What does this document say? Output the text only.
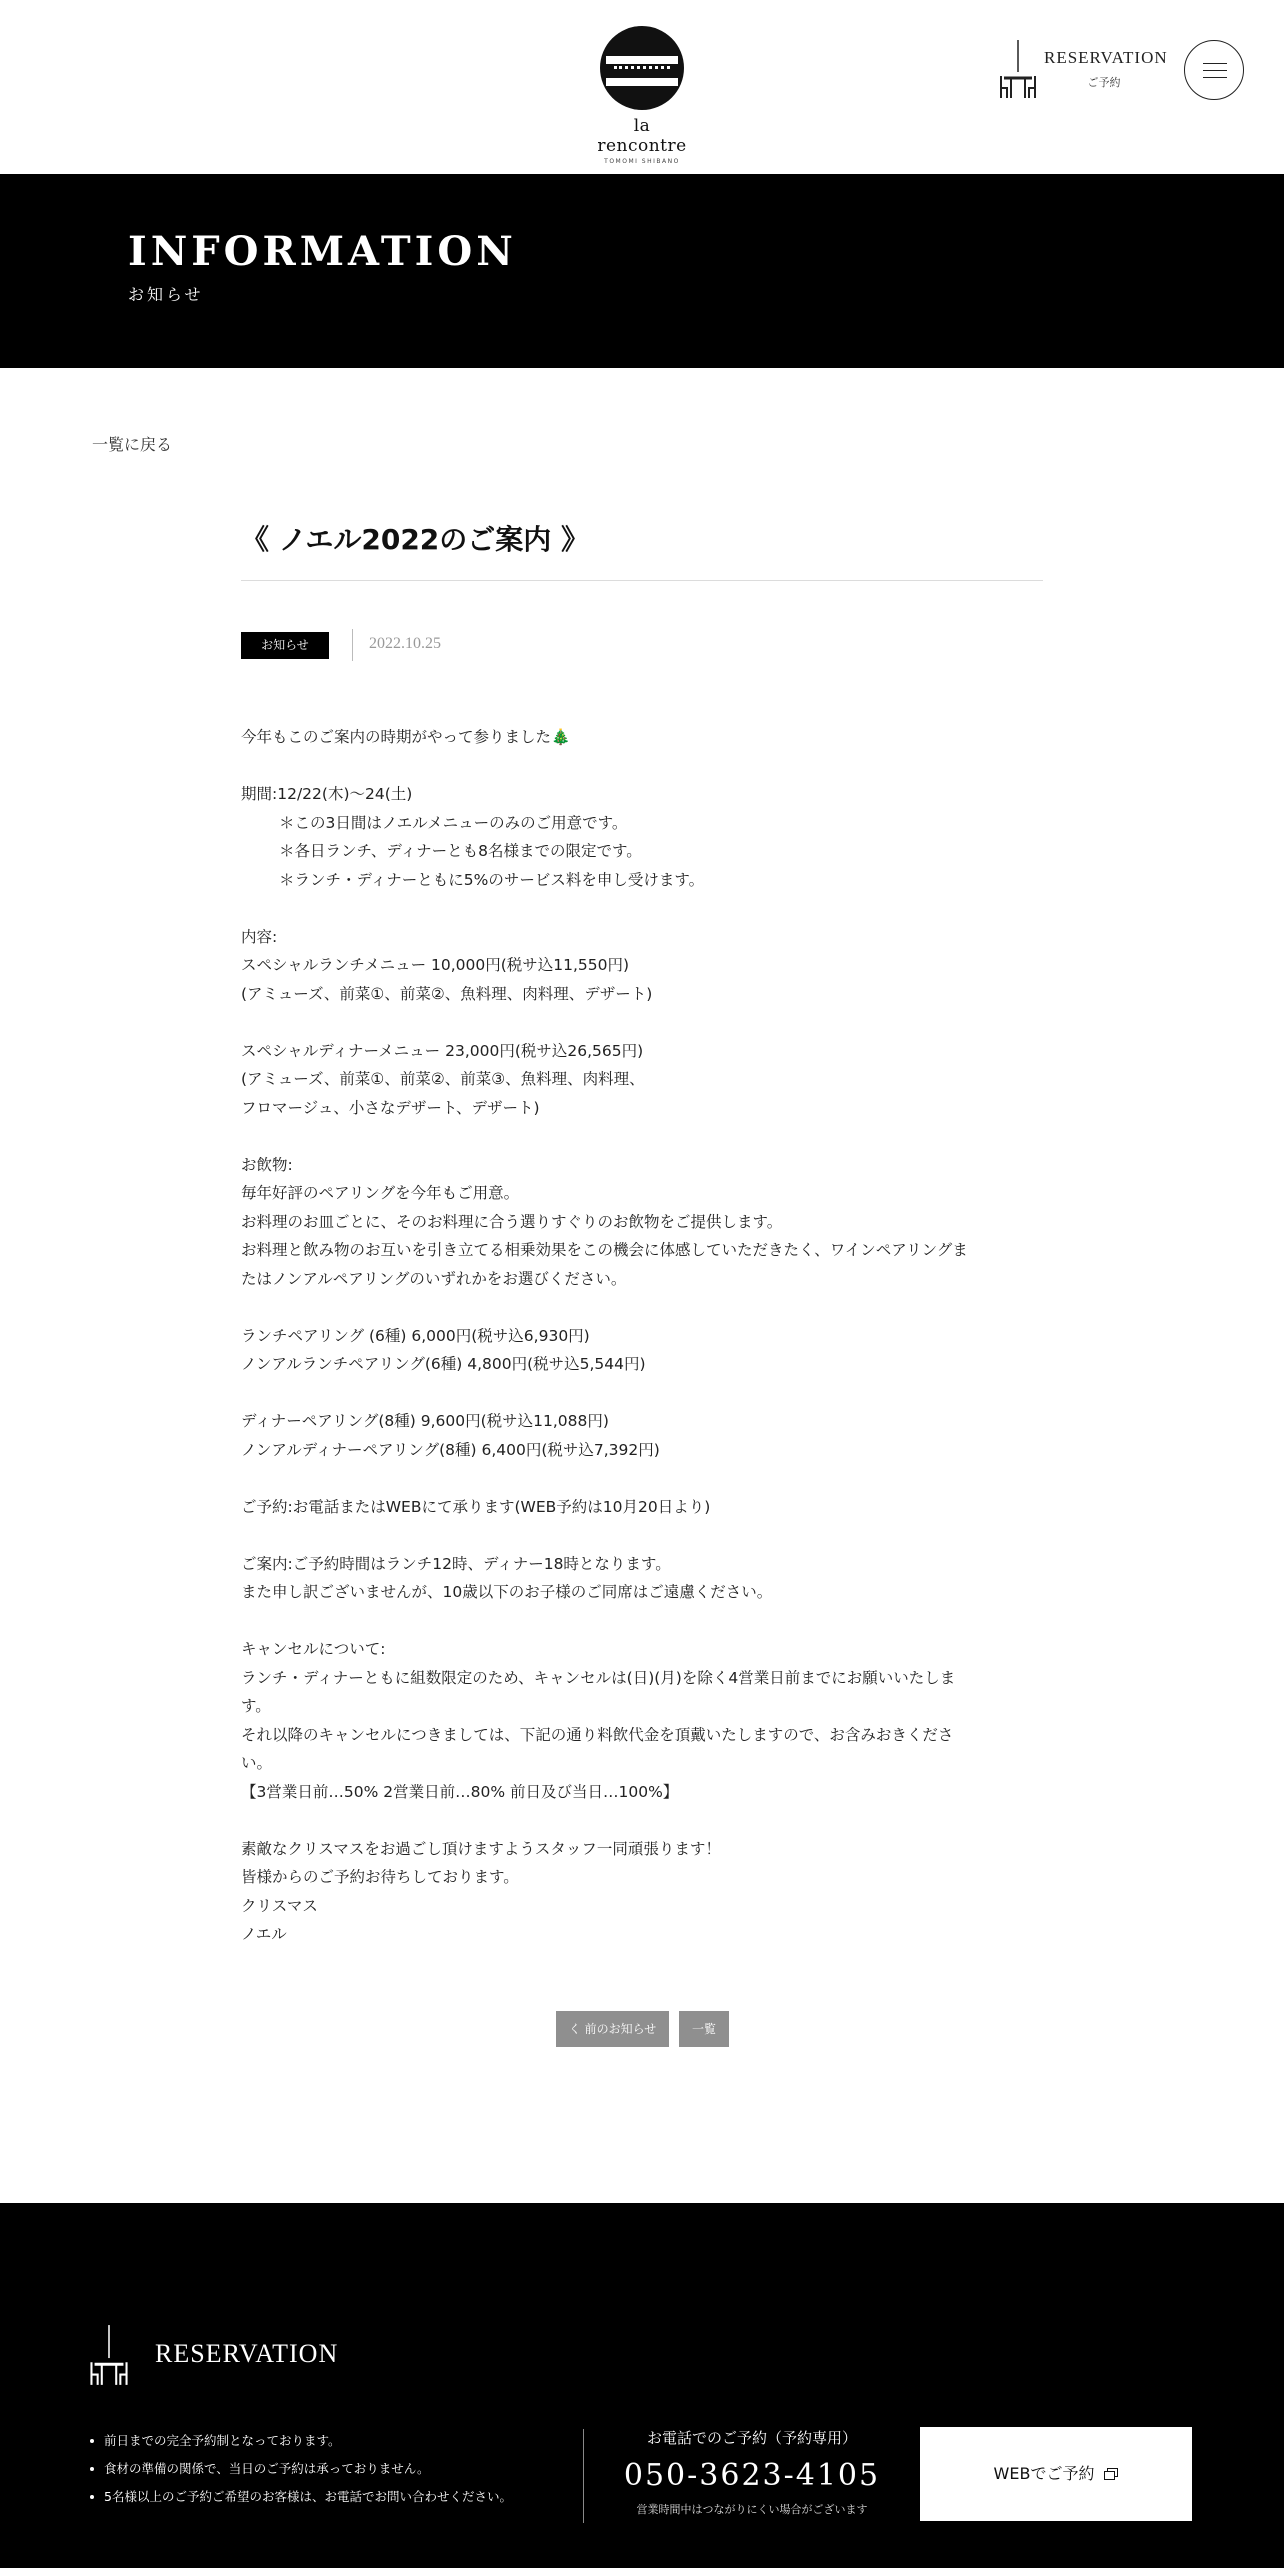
la rencontre
TOMOMI SHIBANO
RESERVATION
ご予約
INFORMATION
お知らせ
一覧に戻る
《 ノエル2022のご案内 》
お知らせ	2022.10.25
今年もこのご案内の時期がやって参りました🎄
期間:12/22(木)〜24(土)
＊この3日間はノエルメニューのみのご用意です。
＊各日ランチ、ディナーとも8名様までの限定です。
＊ランチ・ディナーともに5%のサービス料を申し受けます。
内容:
スペシャルランチメニュー 10,000円(税サ込11,550円)
(アミューズ、前菜①、前菜②、魚料理、肉料理、デザート)
スペシャルディナーメニュー 23,000円(税サ込26,565円)
(アミューズ、前菜①、前菜②、前菜③、魚料理、肉料理、
フロマージュ、小さなデザート、デザート)
お飲物:
毎年好評のペアリングを今年もご用意。
お料理のお皿ごとに、そのお料理に合う選りすぐりのお飲物をご提供します。
お料理と飲み物のお互いを引き立てる相乗効果をこの機会に体感していただきたく、ワインペアリングま
たはノンアルペアリングのいずれかをお選びください。
ランチペアリング (6種) 6,000円(税サ込6,930円)
ノンアルランチペアリング(6種) 4,800円(税サ込5,544円)
ディナーペアリング(8種) 9,600円(税サ込11,088円)
ノンアルディナーペアリング(8種) 6,400円(税サ込7,392円)
ご予約:お電話またはWEBにて承ります(WEB予約は10月20日より)
ご案内:ご予約時間はランチ12時、ディナー18時となります。
また申し訳ございませんが、10歳以下のお子様のご同席はご遠慮ください。
キャンセルについて:
ランチ・ディナーともに組数限定のため、キャンセルは(日)(月)を除く4営業日前までにお願いいたしま
す。
それ以降のキャンセルにつきましては、下記の通り料飲代金を頂戴いたしますので、お含みおきくださ
い。
【3営業日前…50% 2営業日前…80% 前日及び当日…100%】
素敵なクリスマスをお過ごし頂けますようスタッフ一同頑張ります！
皆様からのご予約お待ちしております。
クリスマス
ノエル
く 前のお知らせ	一覧
RESERVATION
前日までの完全予約制となっております。
食材の準備の関係で、当日のご予約は承っておりません。
5名様以上のご予約ご希望のお客様は、お電話でお問い合わせください。
お電話でのご予約（予約専用）
050-3623-4105
営業時間中はつながりにくい場合がございます
WEBでご予約
